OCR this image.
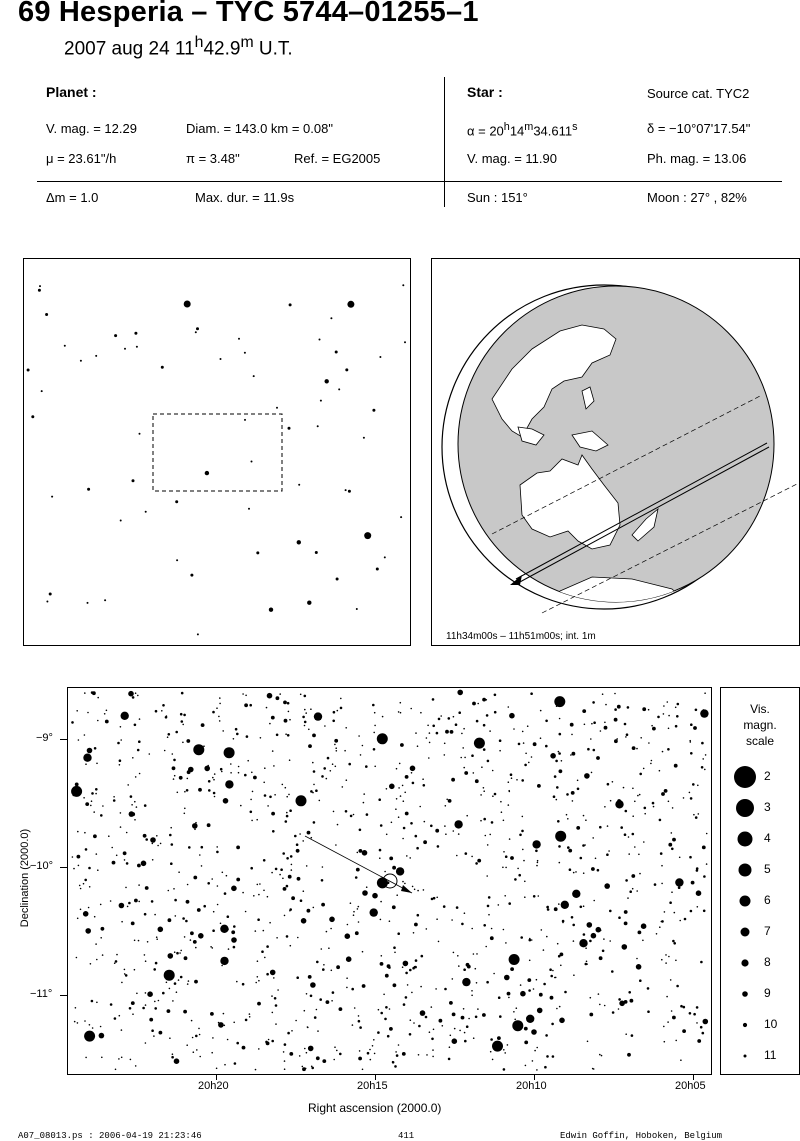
69 Hesperia – TYC 5744–01255–1
2007 aug 24 11$^h$42.9$^m$ U.T.
Planet :
V. mag. = 12.29	Diam. = 143.0 km = 0.08"
μ = 23.61"/h	π = 3.48"	Ref. = EG2005
Star :	Source cat. TYC2
$\alpha = 20^h14^m34.611^s$	δ = −10°07'17.54"
V. mag. = 11.90	Ph. mag. = 13.06
Δm = 1.0	Max. dur. = 11.9s	Sun : 151°	Moon : 27° , 82%
11h34m00s – 11h51m00s; int. 1m
−9°
−10°
−11°
Declination (2000.0)
20h20	20h15	20h10	20h05
Right ascension (2000.0)
Vis.
magn.
scale
2
3
4
5
6
7
8
9
10
11
A07_08013.ps : 2006-04-19 21:23:46	411	Edwin Goffin, Hoboken, Belgium
